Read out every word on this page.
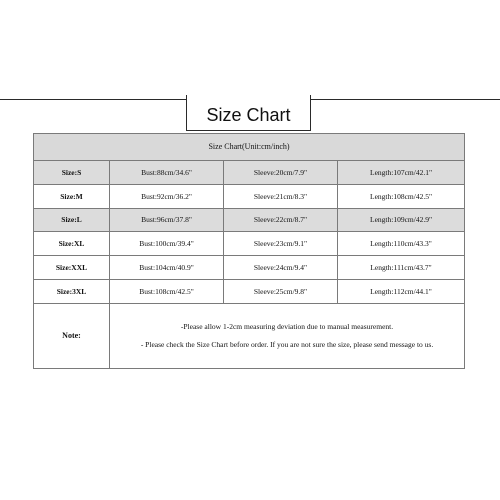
Size Chart
Size Chart(Unit:cm/inch)			
Size:S	Bust:88cm/34.6"	Sleeve:20cm/7.9"	Length:107cm/42.1"
Size:M	Bust:92cm/36.2"	Sleeve:21cm/8.3"	Length:108cm/42.5"
Size:L	Bust:96cm/37.8"	Sleeve:22cm/8.7"	Length:109cm/42.9"
Size:XL	Bust:100cm/39.4"	Sleeve:23cm/9.1"	Length:110cm/43.3"
Size:XXL	Bust:104cm/40.9"	Sleeve:24cm/9.4"	Length:111cm/43.7"
Size:3XL	Bust:108cm/42.5"	Sleeve:25cm/9.8"	Length:112cm/44.1"
Note:	-Please allow 1-2cm measuring deviation due to manual measurement.
- Please check the Size Chart before order. If you are not sure the size, please send message to us.		
